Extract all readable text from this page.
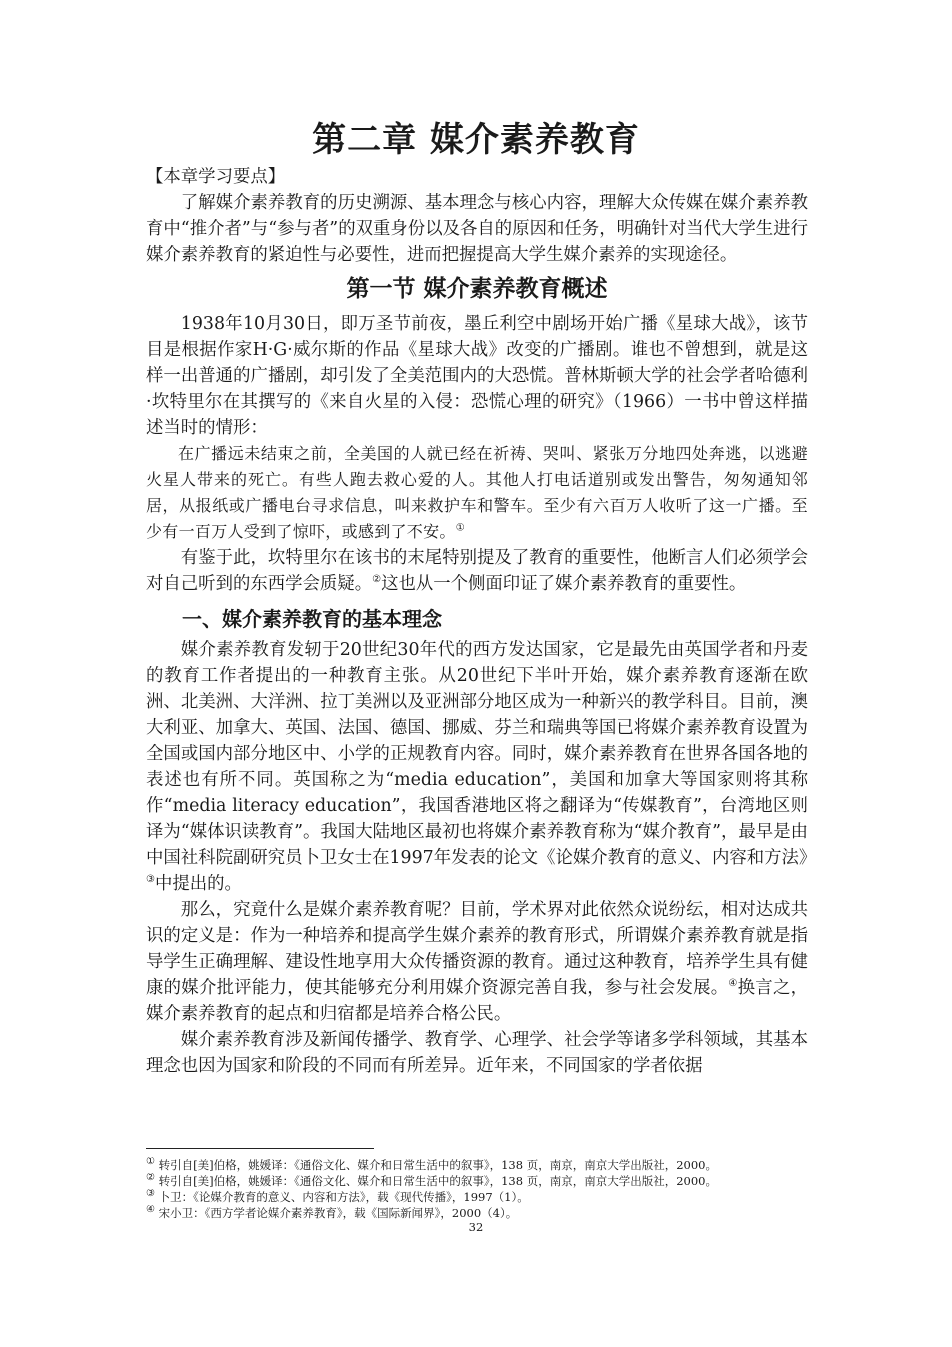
第二章 媒介素养教育

【本章学习要点】

了解媒介素养教育的历史溯源、基本理念与核心内容，理解大众传媒在媒介素养教育中“推介者”与“参与者”的双重身份以及各自的原因和任务，明确针对当代大学生进行媒介素养教育的紧迫性与必要性，进而把握提高大学生媒介素养的实现途径。

第一节 媒介素养教育概述

1938年10月30日，即万圣节前夜，墨丘利空中剧场开始广播《星球大战》，该节目是根据作家H·G·威尔斯的作品《星球大战》改变的广播剧。谁也不曾想到，就是这样一出普通的广播剧，却引发了全美范围内的大恐慌。普林斯顿大学的社会学者哈德利·坎特里尔在其撰写的《来自火星的入侵：恐慌心理的研究》（1966）一书中曾这样描述当时的情形：

在广播远未结束之前，全美国的人就已经在祈祷、哭叫、紧张万分地四处奔逃，以逃避火星人带来的死亡。有些人跑去救心爱的人。其他人打电话道别或发出警告，匆匆通知邻居，从报纸或广播电台寻求信息，叫来救护车和警车。至少有六百万人收听了这一广播。至少有一百万人受到了惊吓，或感到了不安。①

有鉴于此，坎特里尔在该书的末尾特别提及了教育的重要性，他断言人们必须学会对自己听到的东西学会质疑。②这也从一个侧面印证了媒介素养教育的重要性。

一、媒介素养教育的基本理念

媒介素养教育发轫于20世纪30年代的西方发达国家，它是最先由英国学者和丹麦的教育工作者提出的一种教育主张。从20世纪下半叶开始，媒介素养教育逐渐在欧洲、北美洲、大洋洲、拉丁美洲以及亚洲部分地区成为一种新兴的教学科目。目前，澳大利亚、加拿大、英国、法国、德国、挪威、芬兰和瑞典等国已将媒介素养教育设置为全国或国内部分地区中、小学的正规教育内容。同时，媒介素养教育在世界各国各地的表述也有所不同。英国称之为“media education”，美国和加拿大等国家则将其称作“media literacy education”，我国香港地区将之翻译为“传媒教育”，台湾地区则译为“媒体识读教育”。我国大陆地区最初也将媒介素养教育称为“媒介教育”，最早是由中国社科院副研究员卜卫女士在1997年发表的论文《论媒介教育的意义、内容和方法》③中提出的。

那么，究竟什么是媒介素养教育呢？目前，学术界对此依然众说纷纭，相对达成共识的定义是：作为一种培养和提高学生媒介素养的教育形式，所谓媒介素养教育就是指导学生正确理解、建设性地享用大众传播资源的教育。通过这种教育，培养学生具有健康的媒介批评能力，使其能够充分利用媒介资源完善自我，参与社会发展。④换言之，媒介素养教育的起点和归宿都是培养合格公民。

媒介素养教育涉及新闻传播学、教育学、心理学、社会学等诸多学科领域，其基本理念也因为国家和阶段的不同而有所差异。近年来，不同国家的学者依据

① 转引自[美]伯格，姚媛译：《通俗文化、媒介和日常生活中的叙事》，138 页，南京，南京大学出版社，2000。
② 转引自[美]伯格，姚媛译：《通俗文化、媒介和日常生活中的叙事》，138 页，南京，南京大学出版社，2000。
③ 卜卫：《论媒介教育的意义、内容和方法》，载《现代传播》，1997（1）。
④ 宋小卫：《西方学者论媒介素养教育》，载《国际新闻界》，2000（4）。
32
